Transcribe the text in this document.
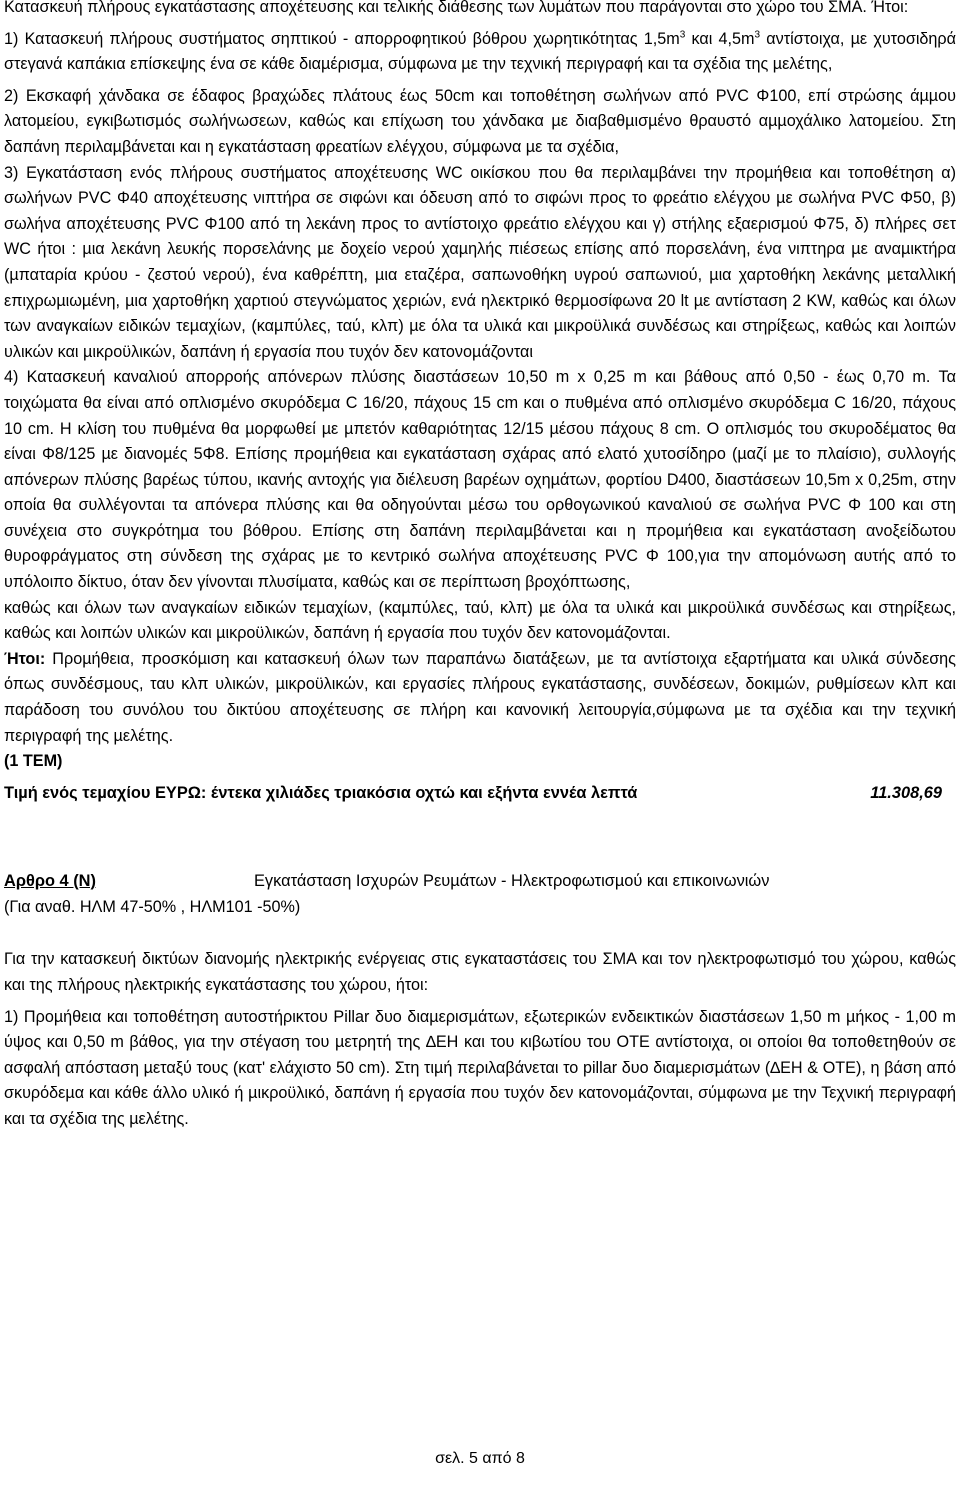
Κατασκευή πλήρους εγκατάστασης αποχέτευσης και τελικής διάθεσης των λυµάτων που παράγονται στο χώρο του ΣΜΑ. Ήτοι:

1) Κατασκευή πλήρους συστήµατος σηπτικού - απορροφητικού βόθρου χωρητικότητας $1,5m^3$ και $4,5m^3$ αντίστοιχα, µε χυτοσιδηρά στεγανά καπάκια επίσκεψης ένα σε κάθε διαµέρισµα, σύµφωνα µε την τεχνική περιγραφή και τα σχέδια της µελέτης,

2) Εκσκαφή χάνδακα σε έδαφος βραχώδες πλάτους έως 50cm και τοποθέτηση σωλήνων από PVC Φ100, επί στρώσης άµµου λατοµείου, εγκιβωτισµός σωλήνωσεων, καθώς και επίχωση του χάνδακα µε διαβαθµισµένο θραυστό αµµοχάλικο λατοµείου. Στη δαπάνη περιλαµβάνεται και η εγκατάσταση φρεατίων ελέγχου, σύµφωνα µε τα σχέδια,

3) Εγκατάσταση ενός πλήρους συστήµατος αποχέτευσης WC οικίσκου που θα περιλαµβάνει την προµήθεια και τοποθέτηση α) σωλήνων PVC Φ40 αποχέτευσης νιπτήρα σε σιφώνι και όδευση από το σιφώνι προς το φρεάτιο ελέγχου µε σωλήνα PVC Φ50, β) σωλήνα αποχέτευσης PVC Φ100 από τη λεκάνη προς το αντίστοιχο φρεάτιο ελέγχου και γ) στήλης εξαερισµού Φ75, δ) πλήρες σετ WC ήτοι : µια λεκάνη λευκής πορσελάνης µε δοχείο νερού χαµηλής πιέσεως επίσης από πορσελάνη, ένα νιπτηρα µε αναµικτήρα (µπαταρία κρύου - ζεστού νερού), ένα καθρέπτη, µια εταζέρα, σαπωνοθήκη υγρού σαπωνιού, µια χαρτοθήκη λεκάνης µεταλλική επιχρωµιωµένη, µια χαρτοθήκη χαρτιού στεγνώµατος χεριών, ενά ηλεκτρικό θερµοσίφωνα 20 lt µε αντίσταση 2 KW, καθώς και όλων των αναγκαίων ειδικών τεµαχίων, (καµπύλες, ταύ, κλπ) µε όλα τα υλικά και µικροϋλικά συνδέσως και στηρίξεως, καθώς και λοιπών υλικών και µικροϋλικών, δαπάνη ή εργασία που τυχόν δεν κατονοµάζονται

4) Κατασκευή καναλιού απορροής απόνερων πλύσης διαστάσεων 10,50 m x 0,25 m και βάθους από 0,50 - έως 0,70 m. Τα τοιχώµατα θα είναι από οπλισµένο σκυρόδεµα C 16/20, πάχους 15 cm και ο πυθµένα από οπλισµένο σκυρόδεµα C 16/20, πάχους 10 cm. Η κλίση του πυθµένα θα µορφωθεί µε µπετόν καθαριότητας 12/15 µέσου πάχους 8 cm. Ο οπλισµός του σκυροδέµατος θα είναι Φ8/125 µε διανοµές 5Φ8. Επίσης προµήθεια και εγκατάσταση σχάρας από ελατό χυτοσίδηρο (µαζί µε το πλαίσιο), συλλογής απόνερων πλύσης βαρέως τύπου, ικανής αντοχής για διέλευση βαρέων οχηµάτων, φορτίου D400, διαστάσεων 10,5m x 0,25m, στην οποία θα συλλέγονται τα απόνερα πλύσης και θα οδηγούνται µέσω του ορθογωνικού καναλιού σε σωλήνα PVC Φ 100 και στη συνέχεια στο συγκρότηµα του βόθρου. Επίσης στη δαπάνη περιλαµβάνεται και η προµήθεια και εγκατάσταση ανοξείδωτου θυροφράγµατος στη σύνδεση της σχάρας µε το κεντρικό σωλήνα αποχέτευσης PVC Φ 100,για την αποµόνωση αυτής από το υπόλοιπο δίκτυο, όταν δεν γίνονται πλυσίµατα, καθώς και σε περίπτωση βροχόπτωσης,

καθώς και όλων των αναγκαίων ειδικών τεµαχίων, (καµπύλες, ταύ, κλπ) µε όλα τα υλικά και µικροϋλικά συνδέσως και στηρίξεως, καθώς και λοιπών υλικών και µικροϋλικών, δαπάνη ή εργασία που τυχόν δεν κατονοµάζονται.

Ήτοι: Προµήθεια, προσκόµιση και κατασκευή όλων των παραπάνω διατάξεων, µε τα αντίστοιχα εξαρτήµατα και υλικά σύνδεσης όπως συνδέσµους, ταυ κλπ υλικών, µικροϋλικών, και εργασίες πλήρους εγκατάστασης, συνδέσεων, δοκιµών, ρυθµίσεων κλπ και παράδοση του συνόλου του δικτύου αποχέτευσης σε πλήρη και κανονική λειτουργία,σύµφωνα µε τα σχέδια και την τεχνική περιγραφή της µελέτης.

(1 ΤΕΜ)

Τιµή ενός τεµαχίου ΕΥΡΩ: έντεκα χιλιάδες τριακόσια οχτώ και εξήντα εννέα λεπτά	11.308,69
Αρθρο 4 (Ν)	Εγκατάσταση Ισχυρών Ρευµάτων - Ηλεκτροφωτισµού και επικοινωνιών

(Για αναθ. ΗΛΜ 47-50% , ΗΛΜ101 -50%)

Για την κατασκευή δικτύων διανοµής ηλεκτρικής ενέργειας στις εγκαταστάσεις του ΣΜΑ και τον ηλεκτροφωτισµό του χώρου, καθώς και της πλήρους ηλεκτρικής εγκατάστασης του χώρου, ήτοι:

1) Προµήθεια και τοποθέτηση αυτοστήρικτου Pillar δυο διαµερισµάτων, εξωτερικών ενδεικτικών διαστάσεων 1,50 m µήκος - 1,00 m ύψος και 0,50 m βάθος, για την στέγαση του µετρητή της ∆ΕΗ και του κιβωτίου του ΟΤΕ αντίστοιχα, οι οποίοι θα τοποθετηθούν σε ασφαλή απόσταση µεταξύ τους (κατ' ελάχιστο 50 cm). Στη τιµή περιλαβάνεται το pillar δυο διαµερισµάτων (∆ΕΗ & ΟΤΕ), η βάση από σκυρόδεµα και κάθε άλλο υλικό ή µικροϋλικό, δαπάνη ή εργασία που τυχόν δεν κατονοµάζονται, σύµφωνα µε την Τεχνική περιγραφή και τα σχέδια της µελέτης.

σελ. 5 από 8
